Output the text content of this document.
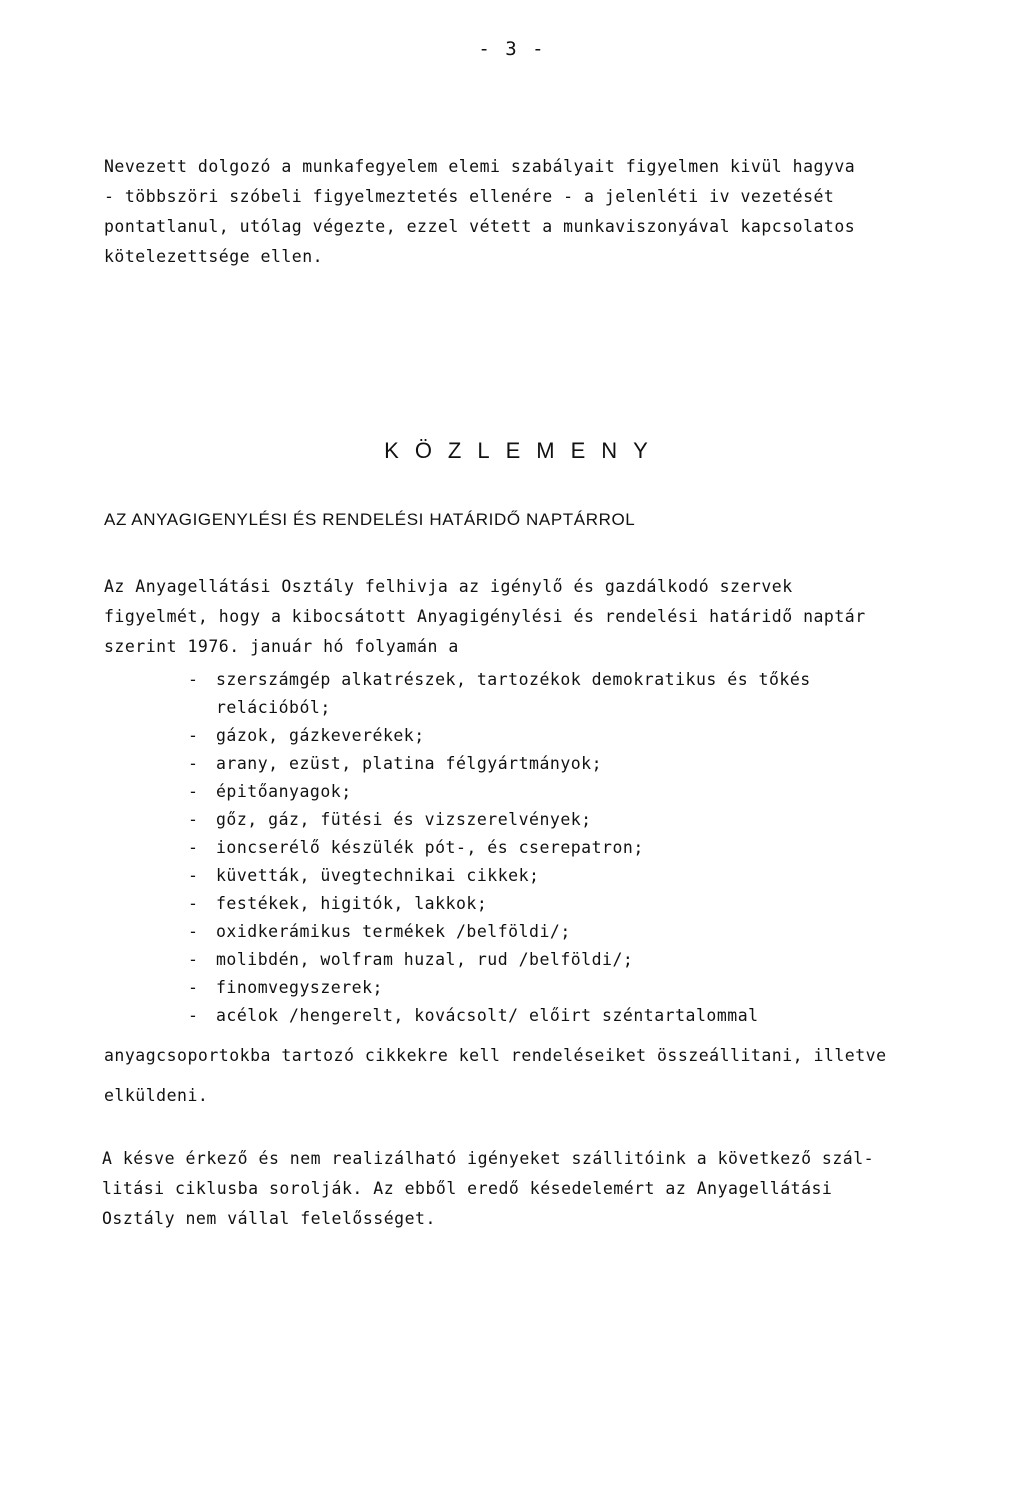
- 3 -

Nevezett dolgozó a munkafegyelem elemi szabályait figyelmen kivül hagyva
- többszöri szóbeli figyelmeztetés ellenére - a jelenléti iv vezetését
pontatlanul, utólag végezte, ezzel vétett a munkaviszonyával kapcsolatos
kötelezettsége ellen.

KÖZLEMENY
AZ ANYAGIGENYLÉSI ÉS RENDELÉSI HATÁRIDŐ NAPTÁRROL

Az Anyagellátási Osztály felhivja az igénylő és gazdálkodó szervek
figyelmét, hogy a kibocsátott Anyagigénylési és rendelési határidő naptár
szerint 1976. január hó folyamán a

- szerszámgép alkatrészek, tartozékok demokratikus és tőkés
relációból;
- gázok, gázkeverékek;
- arany, ezüst, platina félgyártmányok;
- épitőanyagok;
- gőz, gáz, fütési és vizszerelvények;
- ioncserélő készülék pót-, és cserepatron;
- küvetták, üvegtechnikai cikkek;
- festékek, higitók, lakkok;
- oxidkerámikus termékek /belföldi/;
- molibdén, wolfram huzal, rud /belföldi/;
- finomvegyszerek;
- acélok /hengerelt, kovácsolt/ előirt széntartalommal

anyagcsoportokba tartozó cikkekre kell rendeléseiket összeállitani, illetve

elküldeni.

A késve érkező és nem realizálható igényeket szállitóink a következő szál-
litási ciklusba sorolják. Az ebből eredő késedelemért az Anyagellátási
Osztály nem vállal felelősséget.
